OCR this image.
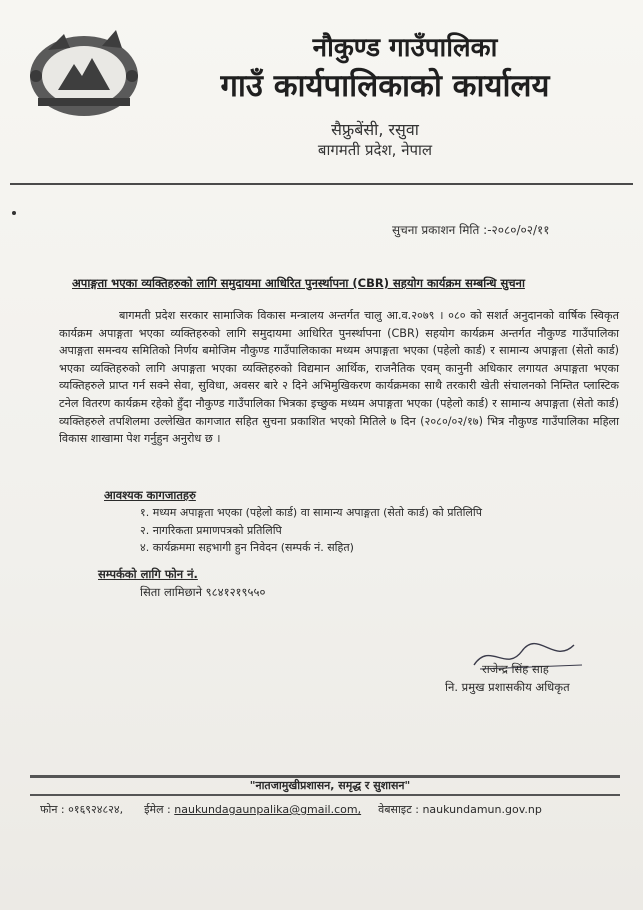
नौकुण्ड गाउँपालिका
गाउँ कार्यपालिकाको कार्यालय
सैफ्रुबेंसी, रसुवा
बागमती प्रदेश, नेपाल
सुचना प्रकाशन मिति :-२०८०/०२/११
अपाङ्गता भएका व्यक्तिहरुको लागि समुदायमा आधिरित पुनर्स्थापना (CBR) सहयोग कार्यक्रम सम्बन्धि सुचना

बागमती प्रदेश सरकार सामाजिक विकास मन्त्रालय अन्तर्गत चालु आ.व.२०७९ । ०८० को सशर्त अनुदानको वार्षिक स्विकृत कार्यक्रम अपाङ्गता भएका व्यक्तिहरुको लागि समुदायमा आधिरित पुनर्स्थापना (CBR) सहयोग कार्यक्रम अन्तर्गत नौकुण्ड गाउँपालिका अपाङ्गता समन्वय समितिको निर्णय बमोजिम नौकुण्ड गाउँपालिकाका मध्यम अपाङ्गता भएका (पहेलो कार्ड) र सामान्य अपाङ्गता (सेतो कार्ड) भएका व्यक्तिहरुको लागि अपाङ्गता भएका व्यक्तिहरुको विद्यमान आर्थिक, राजनैतिक एवम् कानुनी अधिकार लगायत अपाङ्गता भएका व्यक्तिहरुले प्राप्त गर्न सक्ने सेवा, सुविधा, अवसर बारे २ दिने अभिमुखिकरण कार्यक्रमका साथै तरकारी खेती संचालनको निम्तित प्लास्टिक टनेल वितरण कार्यक्रम रहेको हुँदा नौकुण्ड गाउँपालिका भित्रका इच्छुक मध्यम अपाङ्गता भएका (पहेलो कार्ड) र सामान्य अपाङ्गता (सेतो कार्ड) व्यक्तिहरुले तपशिलमा उल्लेखित कागजात सहित सुचना प्रकाशित भएको मितिले ७ दिन (२०८०/०२/१७) भित्र नौकुण्ड गाउँपालिका महिला विकास शाखामा पेश गर्नुहुन अनुरोध छ ।

आवश्यक कागजातहरु
१. मध्यम अपाङ्गता भएका (पहेलो कार्ड) वा सामान्य अपाङ्गता (सेतो कार्ड) को प्रतिलिपि
२. नागरिकता प्रमाणपत्रको प्रतिलिपि
४. कार्यक्रममा सहभागी हुन निवेदन (सम्पर्क नं. सहित)
सम्पर्कको लागि फोन नं.
सिता लामिछाने ९८४१२१९५५०
राजेन्द्र सिंह साह
नि. प्रमुख प्रशासकीय अधिकृत
"नातजामुखीप्रशासन, समृद्ध र सुशासन"
फोन : ०१६९२४८२४, ईमेल : naukundagaunpalika@gmail.com, वेबसाइट : naukundamun.gov.np
